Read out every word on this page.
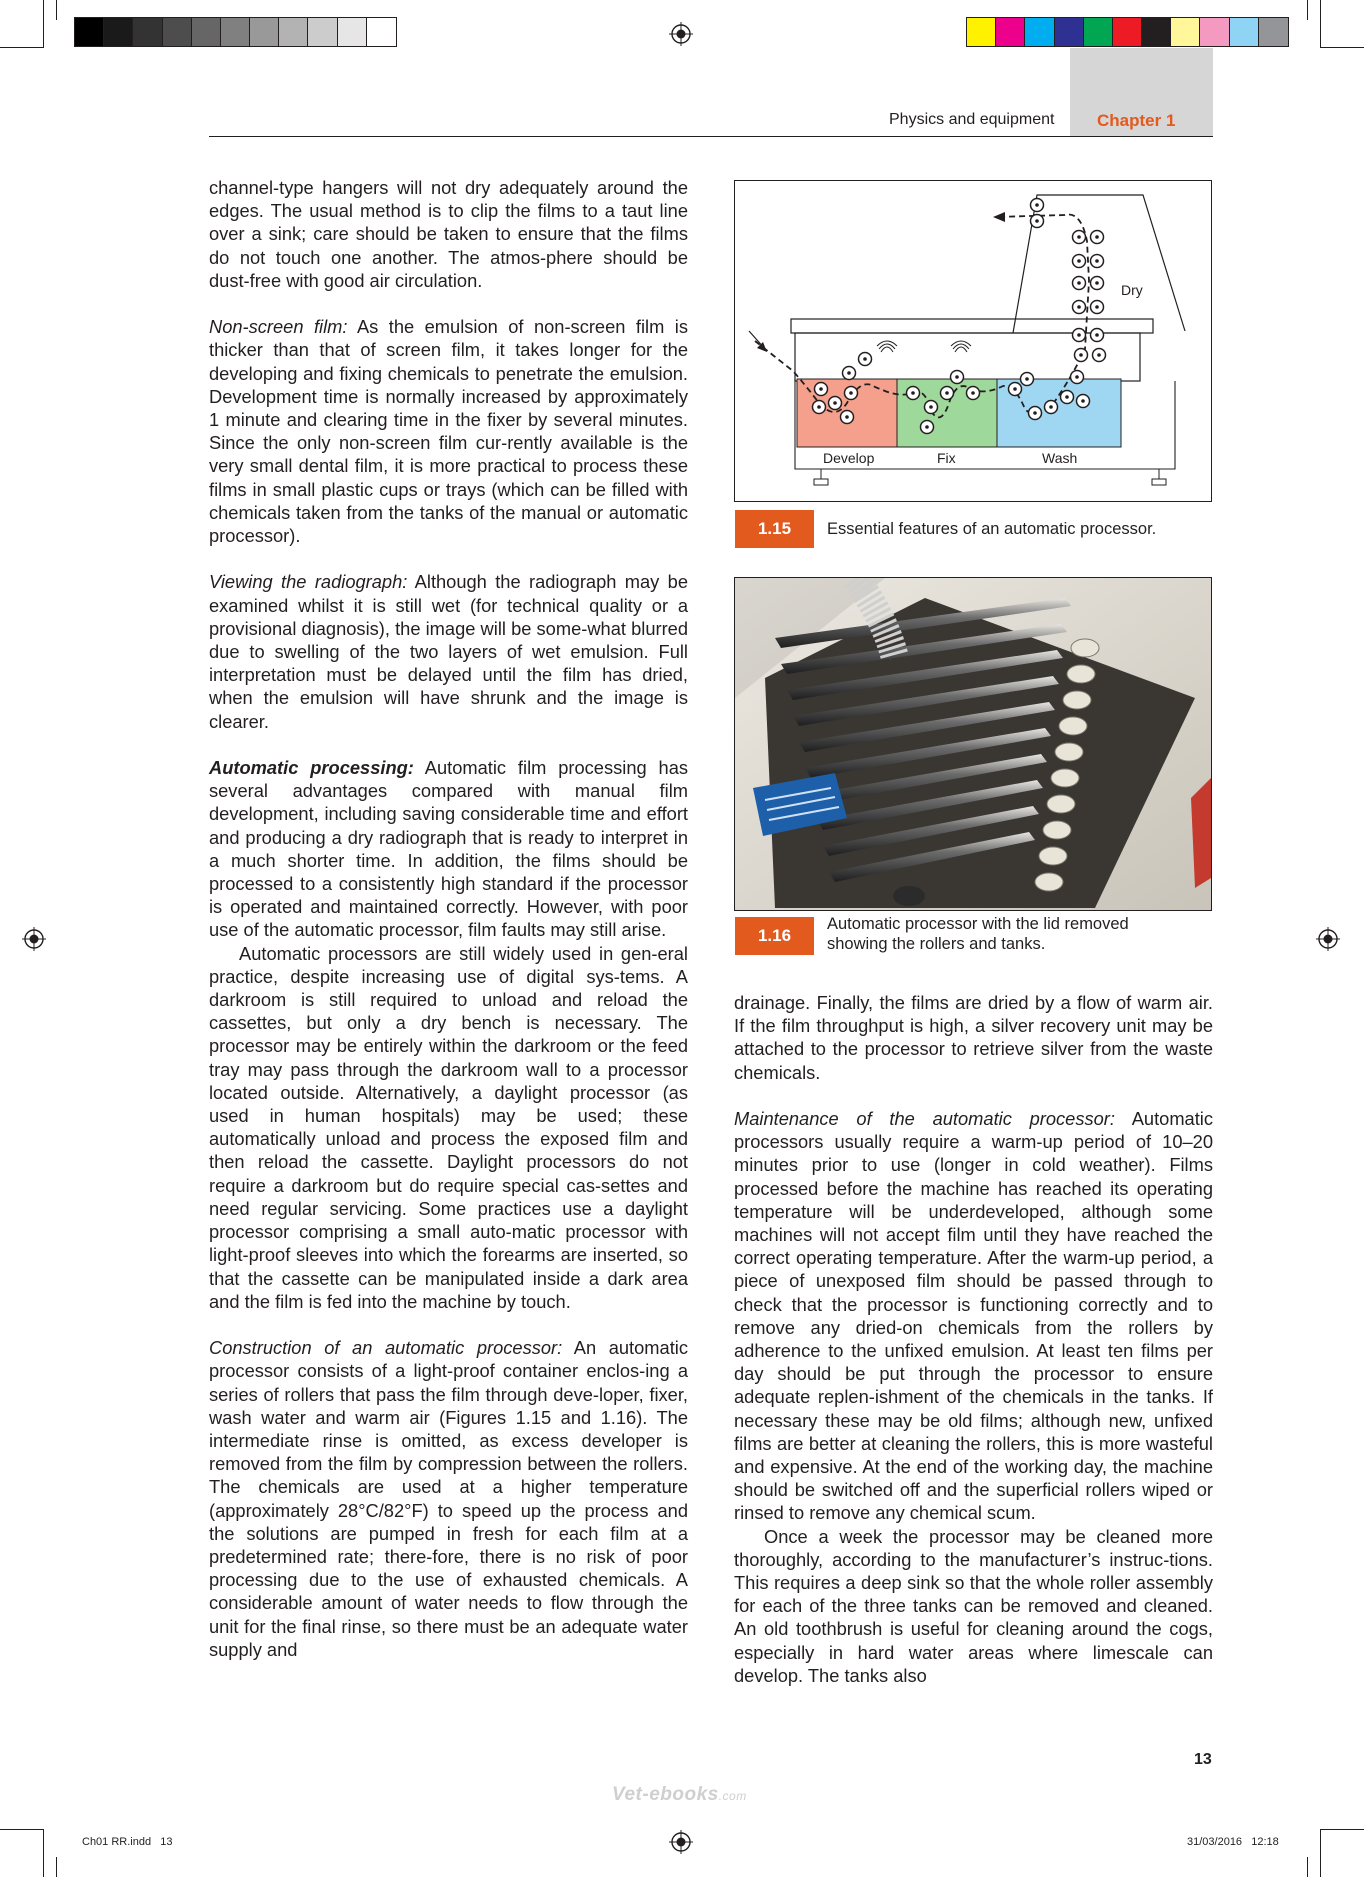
Physics and equipment	Chapter 1

channel-type hangers will not dry adequately around the edges. The usual method is to clip the films to a taut line over a sink; care should be taken to ensure that the films do not touch one another. The atmos-phere should be dust-free with good air circulation.

Non-screen film: As the emulsion of non-screen film is thicker than that of screen film, it takes longer for the developing and fixing chemicals to penetrate the emulsion. Development time is normally increased by approximately 1 minute and clearing time in the fixer by several minutes. Since the only non-screen film cur-rently available is the very small dental film, it is more practical to process these films in small plastic cups or trays (which can be filled with chemicals taken from the tanks of the manual or automatic processor).

Viewing the radiograph: Although the radiograph may be examined whilst it is still wet (for technical quality or a provisional diagnosis), the image will be some-what blurred due to swelling of the two layers of wet emulsion. Full interpretation must be delayed until the film has dried, when the emulsion will have shrunk and the image is clearer.

Automatic processing: Automatic film processing has several advantages compared with manual film development, including saving considerable time and effort and producing a dry radiograph that is ready to interpret in a much shorter time. In addition, the films should be processed to a consistently high standard if the processor is operated and maintained correctly. However, with poor use of the automatic processor, film faults may still arise.

Automatic processors are still widely used in gen-eral practice, despite increasing use of digital sys-tems. A darkroom is still required to unload and reload the cassettes, but only a dry bench is necessary. The processor may be entirely within the darkroom or the feed tray may pass through the darkroom wall to a processor located outside. Alternatively, a daylight processor (as used in human hospitals) may be used; these automatically unload and process the exposed film and then reload the cassette. Daylight processors do not require a darkroom but do require special cas-settes and need regular servicing. Some practices use a daylight processor comprising a small auto-matic processor with light-proof sleeves into which the forearms are inserted, so that the cassette can be manipulated inside a dark area and the film is fed into the machine by touch.

Construction of an automatic processor: An automatic processor consists of a light-proof container enclos-ing a series of rollers that pass the film through deve-loper, fixer, wash water and warm air (Figures 1.15 and 1.16). The intermediate rinse is omitted, as excess developer is removed from the film by compression between the rollers. The chemicals are used at a higher temperature (approximately 28°C/82°F) to speed up the process and the solutions are pumped in fresh for each film at a predetermined rate; there-fore, there is no risk of poor processing due to the use of exhausted chemicals. A considerable amount of water needs to flow through the unit for the final rinse, so there must be an adequate water supply and

Develop	Fix	Wash
Dry
1.15	Essential features of an automatic processor.
1.16
Automatic processor with the lid removed
showing the rollers and tanks.

drainage. Finally, the films are dried by a flow of warm air. If the film throughput is high, a silver recovery unit may be attached to the processor to retrieve silver from the waste chemicals.

Maintenance of the automatic processor: Automatic processors usually require a warm-up period of 10–20 minutes prior to use (longer in cold weather). Films processed before the machine has reached its operating temperature will be underdeveloped, although some machines will not accept film until they have reached the correct operating temperature. After the warm-up period, a piece of unexposed film should be passed through to check that the processor is functioning correctly and to remove any dried-on chemicals from the rollers by adherence to the unfixed emulsion. At least ten films per day should be put through the processor to ensure adequate replen-ishment of the chemicals in the tanks. If necessary these may be old films; although new, unfixed films are better at cleaning the rollers, this is more wasteful and expensive. At the end of the working day, the machine should be switched off and the superficial rollers wiped or rinsed to remove any chemical scum.

Once a week the processor may be cleaned more thoroughly, according to the manufacturer’s instruc-tions. This requires a deep sink so that the whole roller assembly for each of the three tanks can be removed and cleaned. An old toothbrush is useful for cleaning around the cogs, especially in hard water areas where limescale can develop. The tanks also

13
Vet-ebooks.com
Ch01 RR.indd   13	31/03/2016   12:18
